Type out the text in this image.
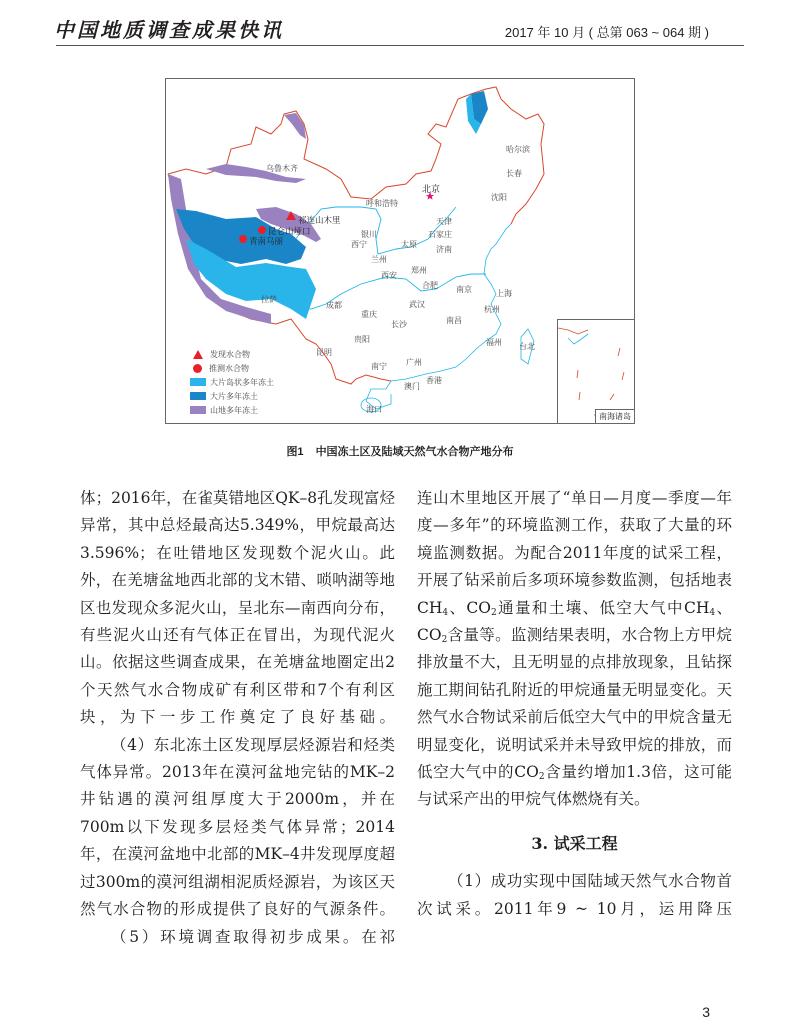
中国地质调查成果快讯	2017 年 10 月 ( 总第 063 ~ 064 期 )
祁连山木里
昆仑山垭口
青南乌丽
北京
乌鲁木齐
哈尔滨
长春
沈阳
呼和浩特
天津
石家庄
太原
济南
银川
西宁
兰州
郑州
西安
合肥 南京	上海
拉萨
成都	武汉
杭州
重庆
长沙	南昌
贵阳	福州 台北
昆明
南宁 广州
香港
澳门
海口
发现水合物
推测水合物
大片岛状多年冻土
大片多年冻土
山地多年冻土
南海诸岛
图1 中国冻土区及陆域天然气水合物产地分布

体；2016年，在雀莫错地区QK–8孔发现富烃异常，其中总烃最高达5.349%，甲烷最高达3.596%；在吐错地区发现数个泥火山。此外，在羌塘盆地西北部的戈木错、唢呐湖等地区也发现众多泥火山，呈北东—南西向分布，有些泥火山还有气体正在冒出，为现代泥火山。依据这些调查成果，在羌塘盆地圈定出2个天然气水合物成矿有利区带和7个有利区块，为下一步工作奠定了良好基础。

（4）东北冻土区发现厚层烃源岩和烃类气体异常。2013年在漠河盆地完钻的MK–2井钻遇的漠河组厚度大于2000m，并在700m以下发现多层烃类气体异常；2014年，在漠河盆地中北部的MK–4井发现厚度超过300m的漠河组湖相泥质烃源岩，为该区天然气水合物的形成提供了良好的气源条件。

（5）环境调查取得初步成果。在祁

连山木里地区开展了“单日—月度—季度—年度—多年”的环境监测工作，获取了大量的环境监测数据。为配合2011年度的试采工程，开展了钻采前后多项环境参数监测，包括地表$CH_4$、$CO_2$通量和土壤、低空大气中$CH_4$、$CO_2$含量等。监测结果表明，水合物上方甲烷排放量不大，且无明显的点排放现象，且钻探施工期间钻孔附近的甲烷通量无明显变化。天然气水合物试采前后低空大气中的甲烷含量无明显变化，说明试采并未导致甲烷的排放，而低空大气中的$CO_2$含量约增加1.3倍，这可能与试采产出的甲烷气体燃烧有关。

3. 试采工程

（1）成功实现中国陆域天然气水合物首次试采。2011年9 ~ 10月，运用降压

3
